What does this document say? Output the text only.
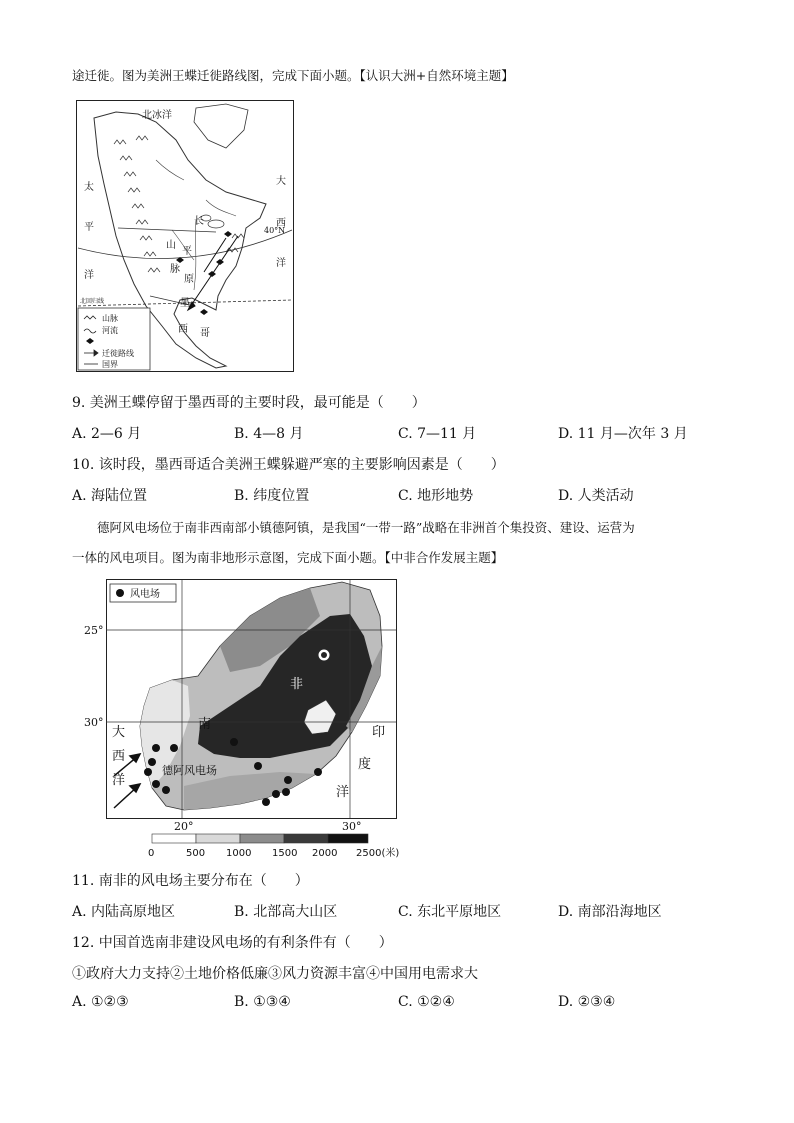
途迁徙。图为美洲王蝶迁徙路线图，完成下面小题。【认识大洲+自然环境主题】
北冰洋
太
平
洋
大
西
洋
40°N
北回归线	墨
西 哥
平
原
山
脉
长
山脉
河流
迁徙路线
国界
9. 美洲王蝶停留于墨西哥的主要时段，最可能是（　　）
A. 2—6 月	B. 4—8 月	C. 7—11 月	D. 11 月—次年 3 月
10. 该时段，墨西哥适合美洲王蝶躲避严寒的主要影响因素是（　　）
A. 海陆位置	B. 纬度位置	C. 地形地势	D. 人类活动
　　德阿风电场位于南非西南部小镇德阿镇，是我国“一带一路”战略在非洲首个集投资、建设、运营为
一体的风电项目。图为南非地形示意图，完成下面小题。【中非合作发展主题】
风电场
25°
30°
20°	30°
南
非
大
西
洋
印
度
洋
德阿风电场
0	500 1000 1500 2000 2500(米)
11. 南非的风电场主要分布在（　　）
A. 内陆高原地区	B. 北部高大山区	C. 东北平原地区	D. 南部沿海地区
12. 中国首选南非建设风电场的有利条件有（　　）
①政府大力支持②土地价格低廉③风力资源丰富④中国用电需求大
A. ①②③	B. ①③④	C. ①②④	D. ②③④
